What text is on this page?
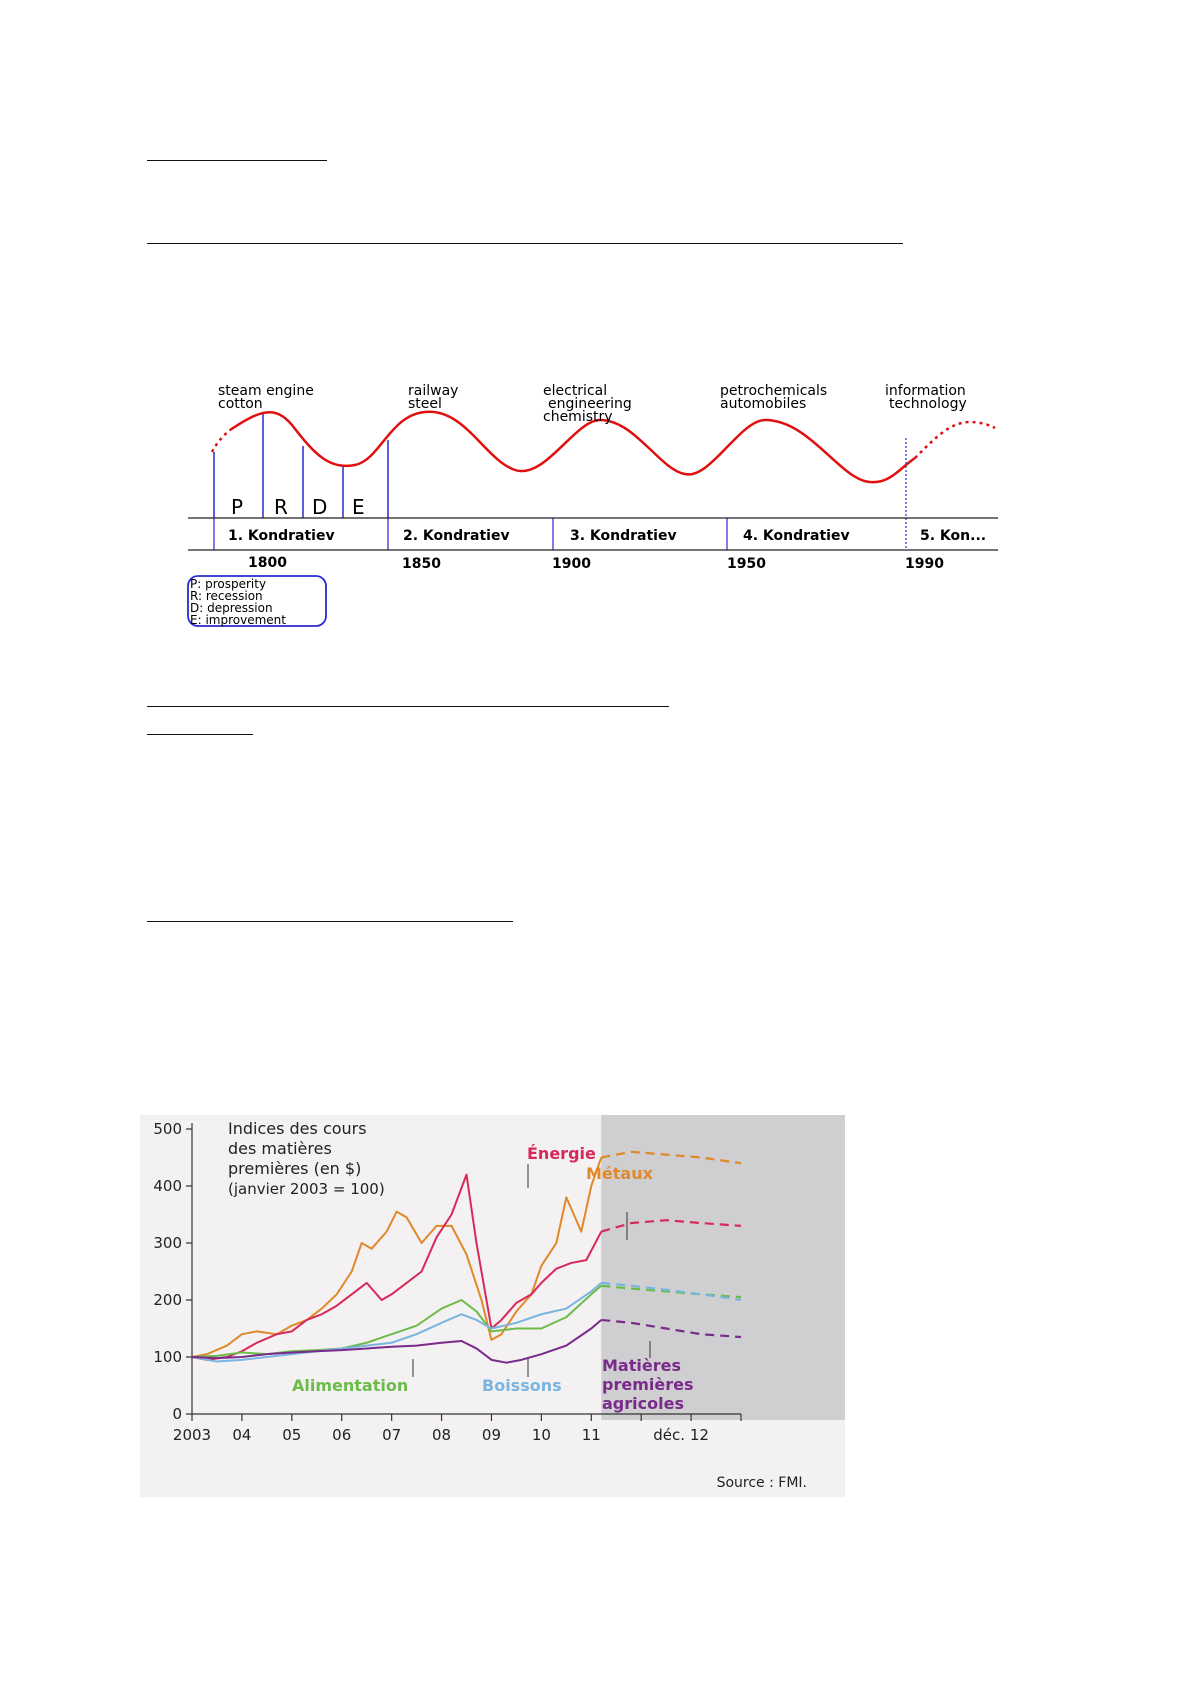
steam engine
cotton
railway
steel
electrical
engineering
chemistry
petrochemicals
automobiles
information
technology
P R D E
1. Kondratiev	2. Kondratiev	3. Kondratiev	4. Kondratiev	5. Kon...
1800	1850	1900	1950	1990
P: prosperity
R: recession
D: depression
E: improvement
0
100
200
300
400
500
2003 04 05 06 07 08 09 10 11	déc. 12
Indices des cours
des matières
premières (en $)
(janvier 2003 = 100)
Alimentation	Boissons
Énergie
Métaux
Matières
premières
agricoles
Source : FMI.
